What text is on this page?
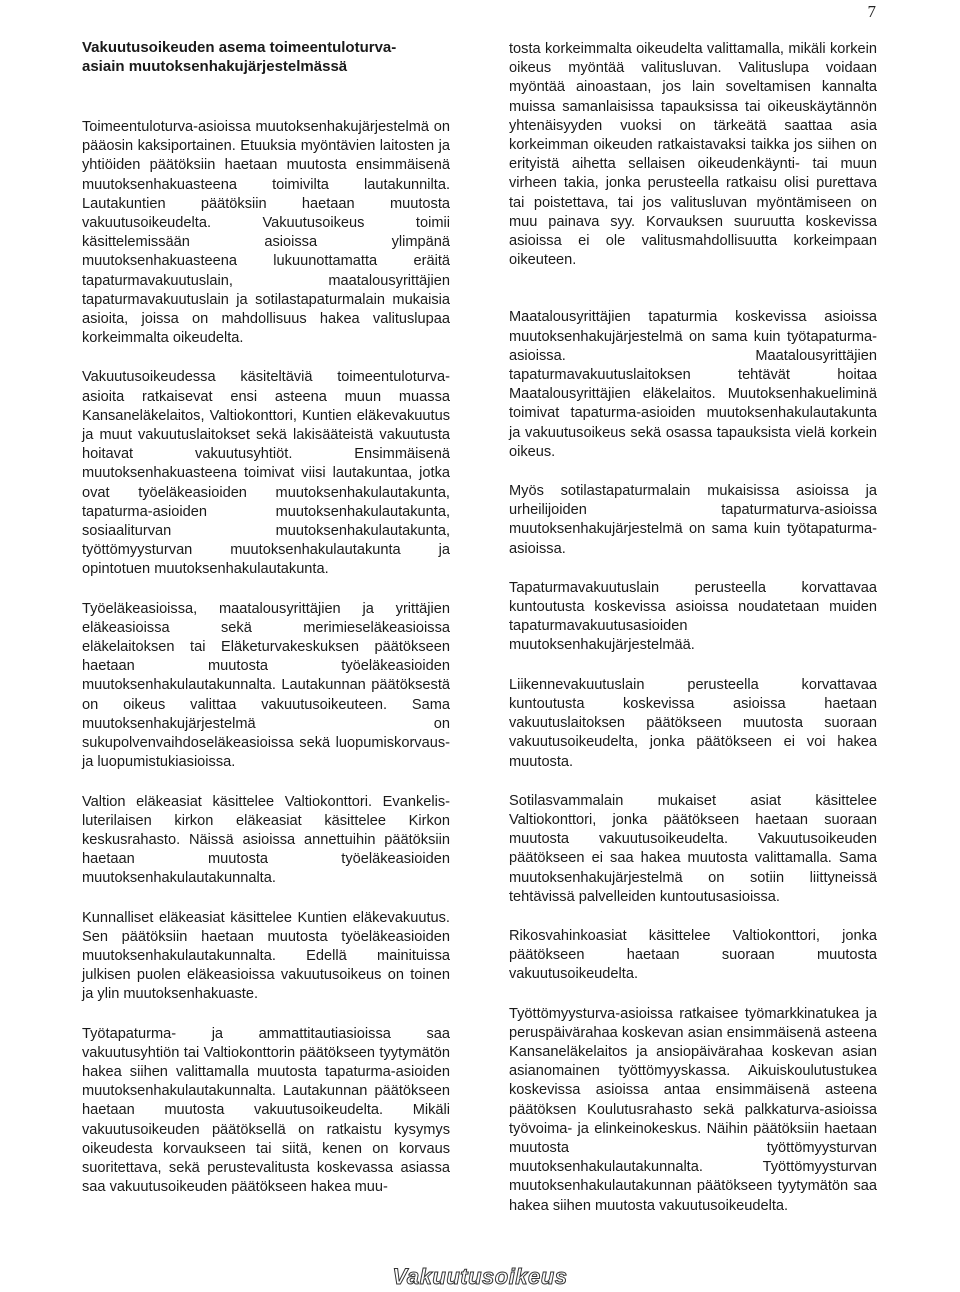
7
Vakuutusoikeuden asema toimeentuloturva-asiain muutoksenhakujärjestelmässä

Toimeentuloturva-asioissa muutoksenhakujärjestelmä on pääosin kaksiportainen. Etuuksia myöntävien laitosten ja yhtiöiden päätöksiin haetaan muutosta ensimmäisenä muutoksenhakuasteena toimivilta lautakunnilta. Lautakuntien päätöksiin haetaan muutosta vakuutusoikeudelta. Vakuutusoikeus toimii käsittelemissään asioissa ylimpänä muutoksenhakuasteena lukuunottamatta eräitä tapaturmavakuutuslain, maatalousyrittäjien tapaturmavakuutuslain ja sotilastapaturmalain mukaisia asioita, joissa on mahdollisuus hakea valituslupaa korkeimmalta oikeudelta.

Vakuutusoikeudessa käsiteltäviä toimeentuloturva-asioita ratkaisevat ensi asteena muun muassa Kansaneläkelaitos, Valtiokonttori, Kuntien eläkevakuutus ja muut vakuutuslaitokset sekä lakisääteistä vakuutusta hoitavat vakuutusyhtiöt. Ensimmäisenä muutoksenhakuasteena toimivat viisi lautakuntaa, jotka ovat työeläkeasioiden muutoksenhakulautakunta, tapaturma-asioiden muutoksenhakulautakunta, sosiaaliturvan muutoksenhakulautakunta, työttömyysturvan muutoksenhakulautakunta ja opintotuen muutoksenhakulautakunta.

Työeläkeasioissa, maatalousyrittäjien ja yrittäjien eläkeasioissa sekä merimieseläkeasioissa eläkelaitoksen tai Eläketurvakeskuksen päätökseen haetaan muutosta työeläkeasioiden muutoksenhakulautakunnalta. Lautakunnan päätöksestä on oikeus valittaa vakuutusoikeuteen. Sama muutoksenhakujärjestelmä on sukupolvenvaihdoseläkeasioissa sekä luopumiskorvaus- ja luopumistukiasioissa.

Valtion eläkeasiat käsittelee Valtiokonttori. Evankelis-luterilaisen kirkon eläkeasiat käsittelee Kirkon keskusrahasto. Näissä asioissa annettuihin päätöksiin haetaan muutosta työeläkeasioiden muutoksenhakulautakunnalta.

Kunnalliset eläkeasiat käsittelee Kuntien eläkevakuutus. Sen päätöksiin haetaan muutosta työeläkeasioiden muutoksenhakulautakunnalta. Edellä mainituissa julkisen puolen eläkeasioissa vakuutusoikeus on toinen ja ylin muutoksenhakuaste.

Työtapaturma- ja ammattitautiasioissa saa vakuutusyhtiön tai Valtiokonttorin päätökseen tyytymätön hakea siihen valittamalla muutosta tapaturma-asioiden muutoksenhakulautakunnalta. Lautakunnan päätökseen haetaan muutosta vakuutusoikeudelta. Mikäli vakuutusoikeuden päätöksellä on ratkaistu kysymys oikeudesta korvaukseen tai siitä, kenen on korvaus suoritettava, sekä perustevalitusta koskevassa asiassa saa vakuutusoikeuden päätökseen hakea muu-

tosta korkeimmalta oikeudelta valittamalla, mikäli korkein oikeus myöntää valitusluvan. Valituslupa voidaan myöntää ainoastaan, jos lain soveltamisen kannalta muissa samanlaisissa tapauksissa tai oikeuskäytännön yhtenäisyyden vuoksi on tärkeätä saattaa asia korkeimman oikeuden ratkaistavaksi taikka jos siihen on erityistä aihetta sellaisen oikeudenkäynti- tai muun virheen takia, jonka perusteella ratkaisu olisi purettava tai poistettava, tai jos valitusluvan myöntämiseen on muu painava syy. Korvauksen suuruutta koskevissa asioissa ei ole valitusmahdollisuutta korkeimpaan oikeuteen.

Maatalousyrittäjien tapaturmia koskevissa asioissa muutoksenhakujärjestelmä on sama kuin työtapaturma-asioissa. Maatalousyrittäjien tapaturmavakuutuslaitoksen tehtävät hoitaa Maatalousyrittäjien eläkelaitos. Muutoksenhakueliminä toimivat tapaturma-asioiden muutoksenhakulautakunta ja vakuutusoikeus sekä osassa tapauksista vielä korkein oikeus.

Myös sotilastapaturmalain mukaisissa asioissa ja urheilijoiden tapaturmaturva-asioissa muutoksenhakujärjestelmä on sama kuin työtapaturma-asioissa.

Tapaturmavakuutuslain perusteella korvattavaa kuntoutusta koskevissa asioissa noudatetaan muiden tapaturmavakuutusasioiden muutoksenhakujärjestelmää.

Liikennevakuutuslain perusteella korvattavaa kuntoutusta koskevissa asioissa haetaan vakuutuslaitoksen päätökseen muutosta suoraan vakuutusoikeudelta, jonka päätökseen ei voi hakea muutosta.

Sotilasvammalain mukaiset asiat käsittelee Valtiokonttori, jonka päätökseen haetaan suoraan muutosta vakuutusoikeudelta. Vakuutusoikeuden päätökseen ei saa hakea muutosta valittamalla. Sama muutoksenhakujärjestelmä on sotiin liittyneissä tehtävissä palvelleiden kuntoutusasioissa.

Rikosvahinkoasiat käsittelee Valtiokonttori, jonka päätökseen haetaan suoraan muutosta vakuutusoikeudelta.

Työttömyysturva-asioissa ratkaisee työmarkkinatukea ja peruspäivärahaa koskevan asian ensimmäisenä asteena Kansaneläkelaitos ja ansiopäivärahaa koskevan asian asianomainen työttömyyskassa. Aikuiskoulutustukea koskevissa asioissa antaa ensimmäisenä asteena päätöksen Koulutusrahasto sekä palkkaturva-asioissa työvoima- ja elinkeinokeskus. Näihin päätöksiin haetaan muutosta työttömyysturvan muutoksenhakulautakunnalta. Työttömyysturvan muutoksenhakulautakunnan päätökseen tyytymätön saa hakea siihen muutosta vakuutusoikeudelta.

Vakuutusoikeus
